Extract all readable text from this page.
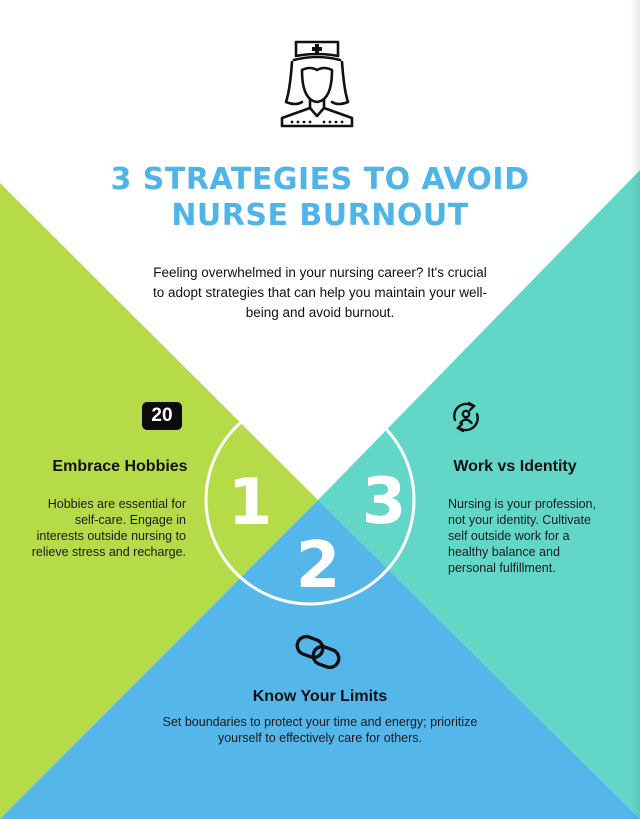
1
2
3
3 STRATEGIES TO AVOID
NURSE BURNOUT

Feeling overwhelmed in your nursing career? It's crucial to adopt strategies that can help you maintain your well-being and avoid burnout.

20
Embrace Hobbies

Hobbies are essential for self-care. Engage in interests outside nursing to relieve stress and recharge.

Work vs Identity

Nursing is your profession, not your identity. Cultivate self outside work for a healthy balance and personal fulfillment.

Know Your Limits

Set boundaries to protect your time and energy; prioritize yourself to effectively care for others.
